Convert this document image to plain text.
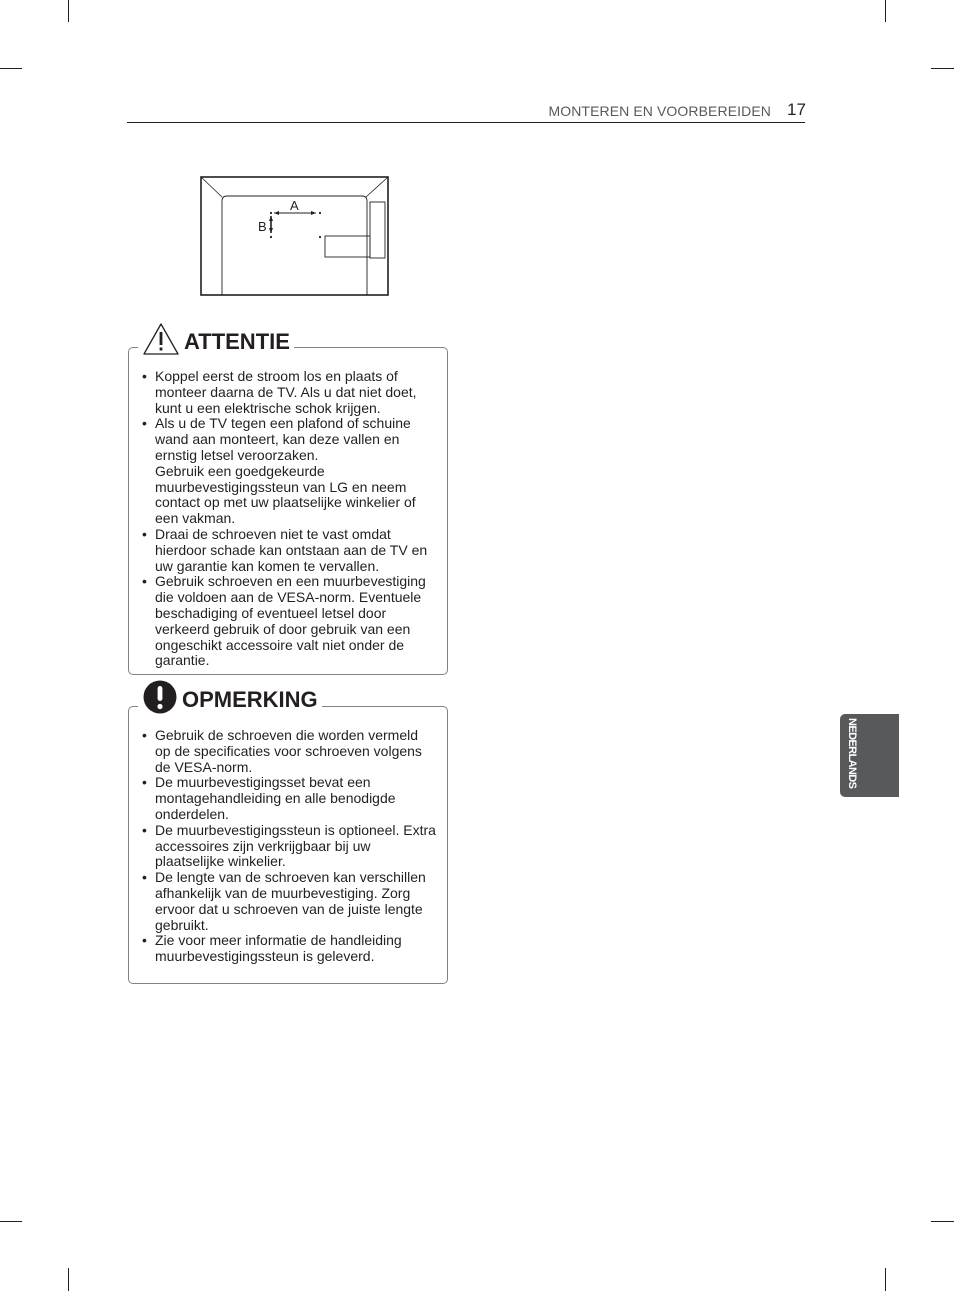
MONTEREN EN VOORBEREIDEN 17
A
B
ATTENTIE
• Koppel eerst de stroom los en plaats of monteer daarna de TV. Als u dat niet doet, kunt u een elektrische schok krijgen.
• Als u de TV tegen een plafond of schuine wand aan monteert, kan deze vallen en ernstig letsel veroorzaken.
Gebruik een goedgekeurde muurbevestigingssteun van LG en neem contact op met uw plaatselijke winkelier of een vakman.
• Draai de schroeven niet te vast omdat hierdoor schade kan ontstaan aan de TV en uw garantie kan komen te vervallen.
• Gebruik schroeven en een muurbevestiging die voldoen aan de VESA-norm. Eventuele beschadiging of eventueel letsel door verkeerd gebruik of door gebruik van een ongeschikt accessoire valt niet onder de garantie.
OPMERKING
• Gebruik de schroeven die worden vermeld op de specificaties voor schroeven volgens de VESA-norm.
• De muurbevestigingsset bevat een montagehandleiding en alle benodigde onderdelen.
• De muurbevestigingssteun is optioneel. Extra accessoires zijn verkrijgbaar bij uw plaatselijke winkelier.
• De lengte van de schroeven kan verschillen afhankelijk van de muurbevestiging. Zorg ervoor dat u schroeven van de juiste lengte gebruikt.
• Zie voor meer informatie de handleiding muurbevestigingssteun is geleverd.
NEDERLANDS
